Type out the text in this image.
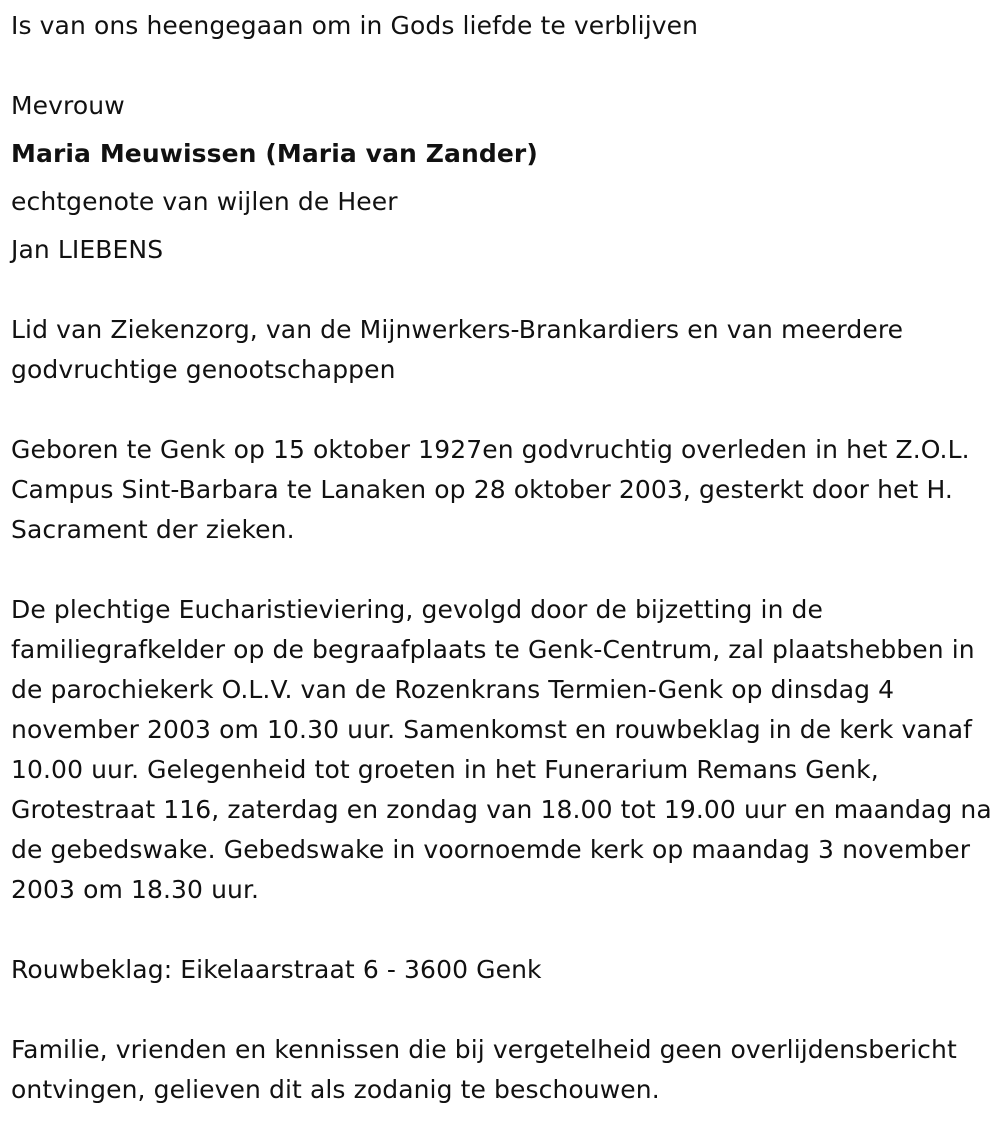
Is van ons heengegaan om in Gods liefde te verblijven

Mevrouw

Maria Meuwissen (Maria van Zander)

echtgenote van wijlen de Heer

Jan LIEBENS

Lid van Ziekenzorg, van de Mijnwerkers-Brankardiers en van meerdere godvruchtige genootschappen

Geboren te Genk op 15 oktober 1927en godvruchtig overleden in het Z.O.L. Campus Sint-Barbara te Lanaken op 28 oktober 2003, gesterkt door het H. Sacrament der zieken.

De plechtige Eucharistieviering, gevolgd door de bijzetting in de familiegrafkelder op de begraafplaats te Genk-Centrum, zal plaatshebben in de parochiekerk O.L.V. van de Rozenkrans Termien-Genk op dinsdag 4 november 2003 om 10.30 uur. Samenkomst en rouwbeklag in de kerk vanaf 10.00 uur. Gelegenheid tot groeten in het Funerarium Remans Genk, Grotestraat 116, zaterdag en zondag van 18.00 tot 19.00 uur en maandag na de gebedswake. Gebedswake in voornoemde kerk op maandag 3 november 2003 om 18.30 uur.

Rouwbeklag: Eikelaarstraat 6 - 3600 Genk

Familie, vrienden en kennissen die bij vergetelheid geen overlijdensbericht ontvingen, gelieven dit als zodanig te beschouwen.
